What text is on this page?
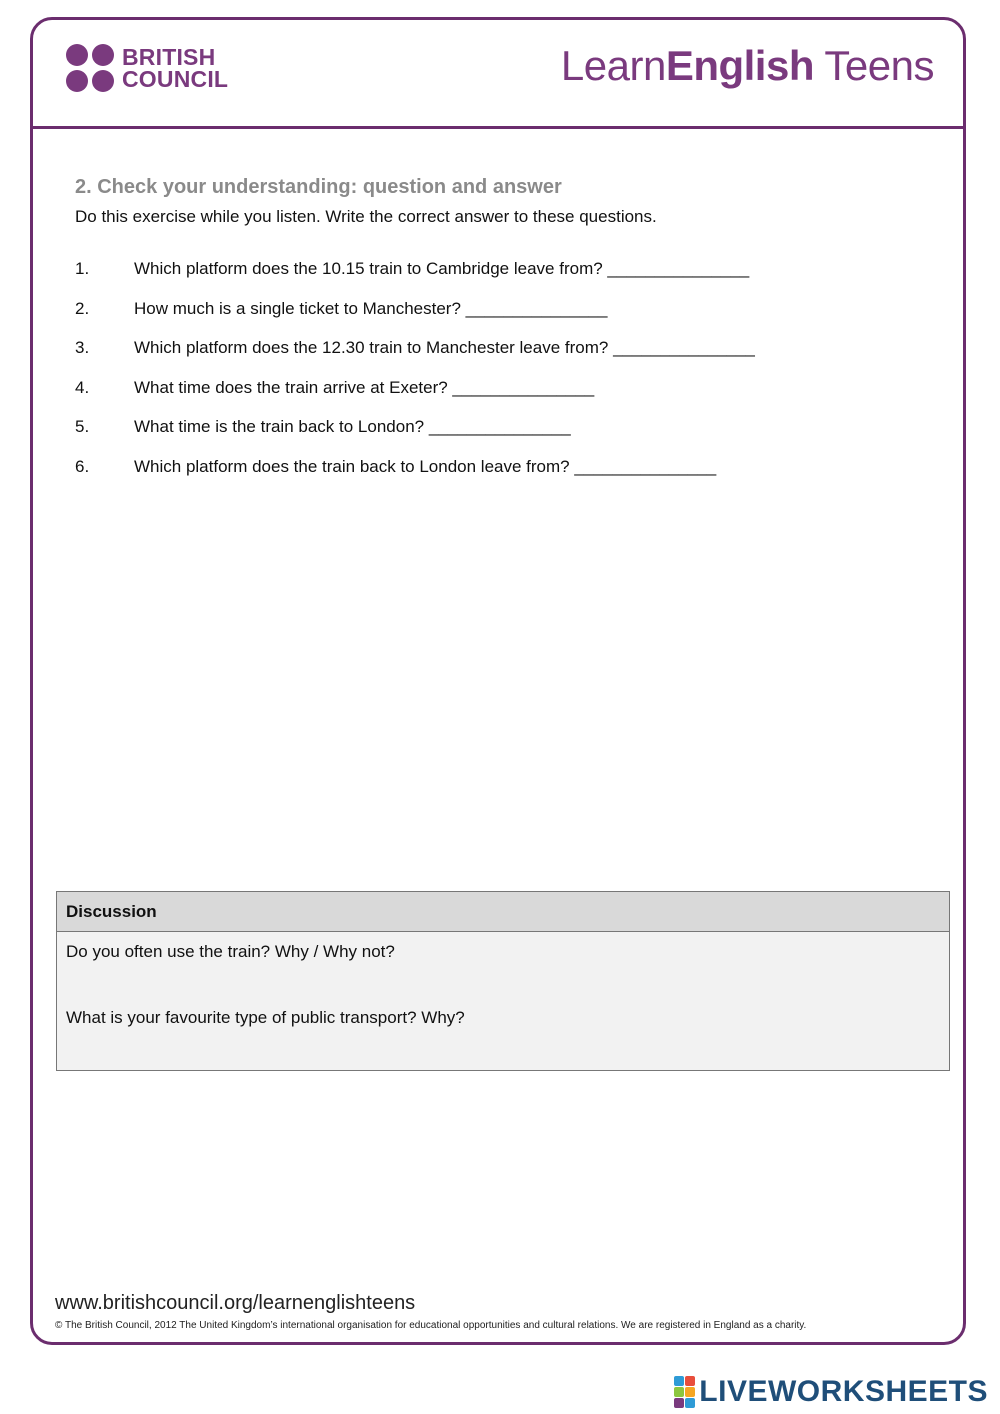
BRITISH
COUNCIL	LearnEnglish Teens
2. Check your understanding: question and answer
Do this exercise while you listen. Write the correct answer to these questions.
1.	Which platform does the 10.15 train to Cambridge leave from? _______________
2.	How much is a single ticket to Manchester? _______________
3.	Which platform does the 12.30 train to Manchester leave from? _______________
4.	What time does the train arrive at Exeter? _______________
5.	What time is the train back to London? _______________
6.	Which platform does the train back to London leave from? _______________
Discussion
Do you often use the train? Why / Why not?
What is your favourite type of public transport? Why?
www.britishcouncil.org/learnenglishteens
© The British Council, 2012 The United Kingdom’s international organisation for educational opportunities and cultural relations. We are registered in England as a charity.
LIVEWORKSHEETS
